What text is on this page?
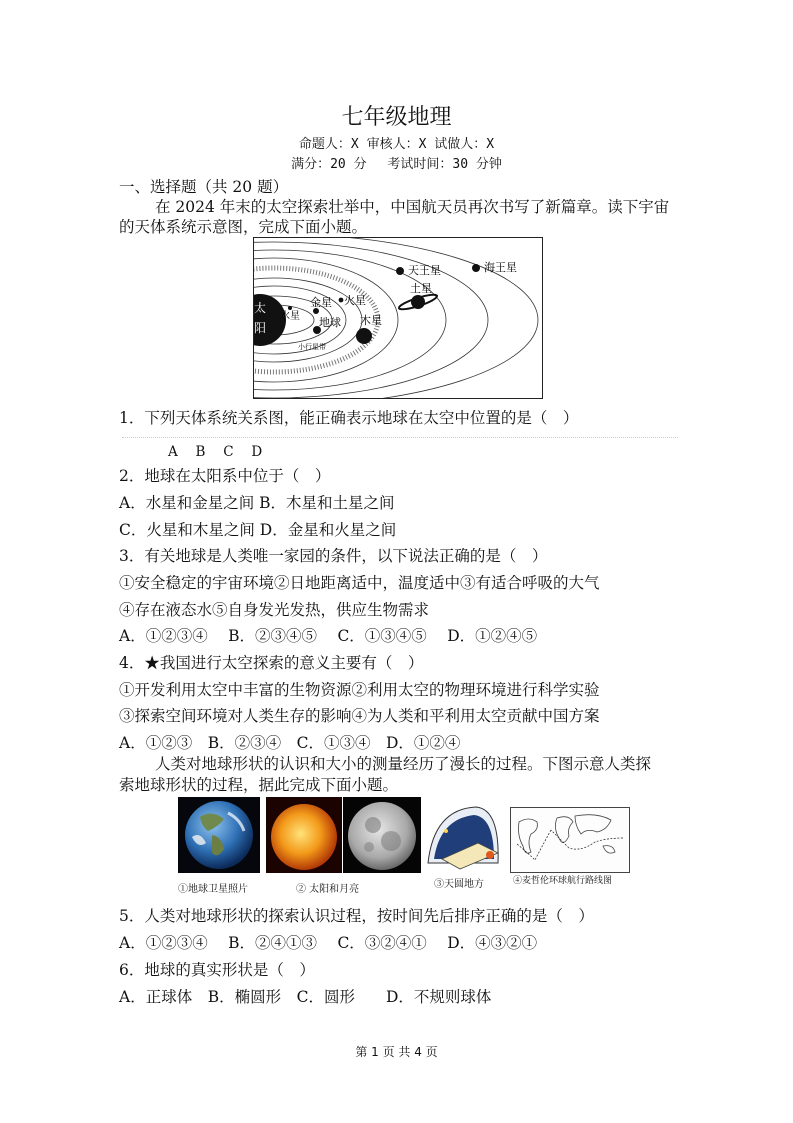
七年级地理
命题人：X 审核人：X 试做人：X
满分：20 分　 考试时间：30 分钟
一、选择题（共 20 题）
在 2024 年末的太空探索壮举中，中国航天员再次书写了新篇章。读下宇宙
的天体系统示意图，完成下面小题。
太
阳
水星
金星 火星
地球
小行星带
木星
土星
天王星	海王星
1．下列天体系统关系图，能正确表示地球在太空中位置的是（　）
A　 B　 C　 D
2．地球在太阳系中位于（　）
A．水星和金星之间 B．木星和土星之间
C．火星和木星之间 D．金星和火星之间
3．有关地球是人类唯一家园的条件，以下说法正确的是（　）
①安全稳定的宇宙环境②日地距离适中，温度适中③有适合呼吸的大气
④存在液态水⑤自身发光发热，供应生物需求
A．①②③④　 B．②③④⑤　 C．①③④⑤　 D．①②④⑤
4．★我国进行太空探索的意义主要有（　）
①开发利用太空中丰富的生物资源②利用太空的物理环境进行科学实验
③探索空间环境对人类生存的影响④为人类和平利用太空贡献中国方案
A．①②③　B．②③④　C．①③④　D．①②④
人类对地球形状的认识和大小的测量经历了漫长的过程。下图示意人类探
索地球形状的过程，据此完成下面小题。
①地球卫星照片	② 太阳和月亮	③天圆地方	④麦哲伦环球航行路线图
5．人类对地球形状的探索认识过程，按时间先后排序正确的是（　）
A．①②③④　 B．②④①③　 C．③②④①　 D．④③②①
6．地球的真实形状是（　）
A．正球体　B．椭圆形　C．圆形　　D．不规则球体
第 1 页 共 4 页
